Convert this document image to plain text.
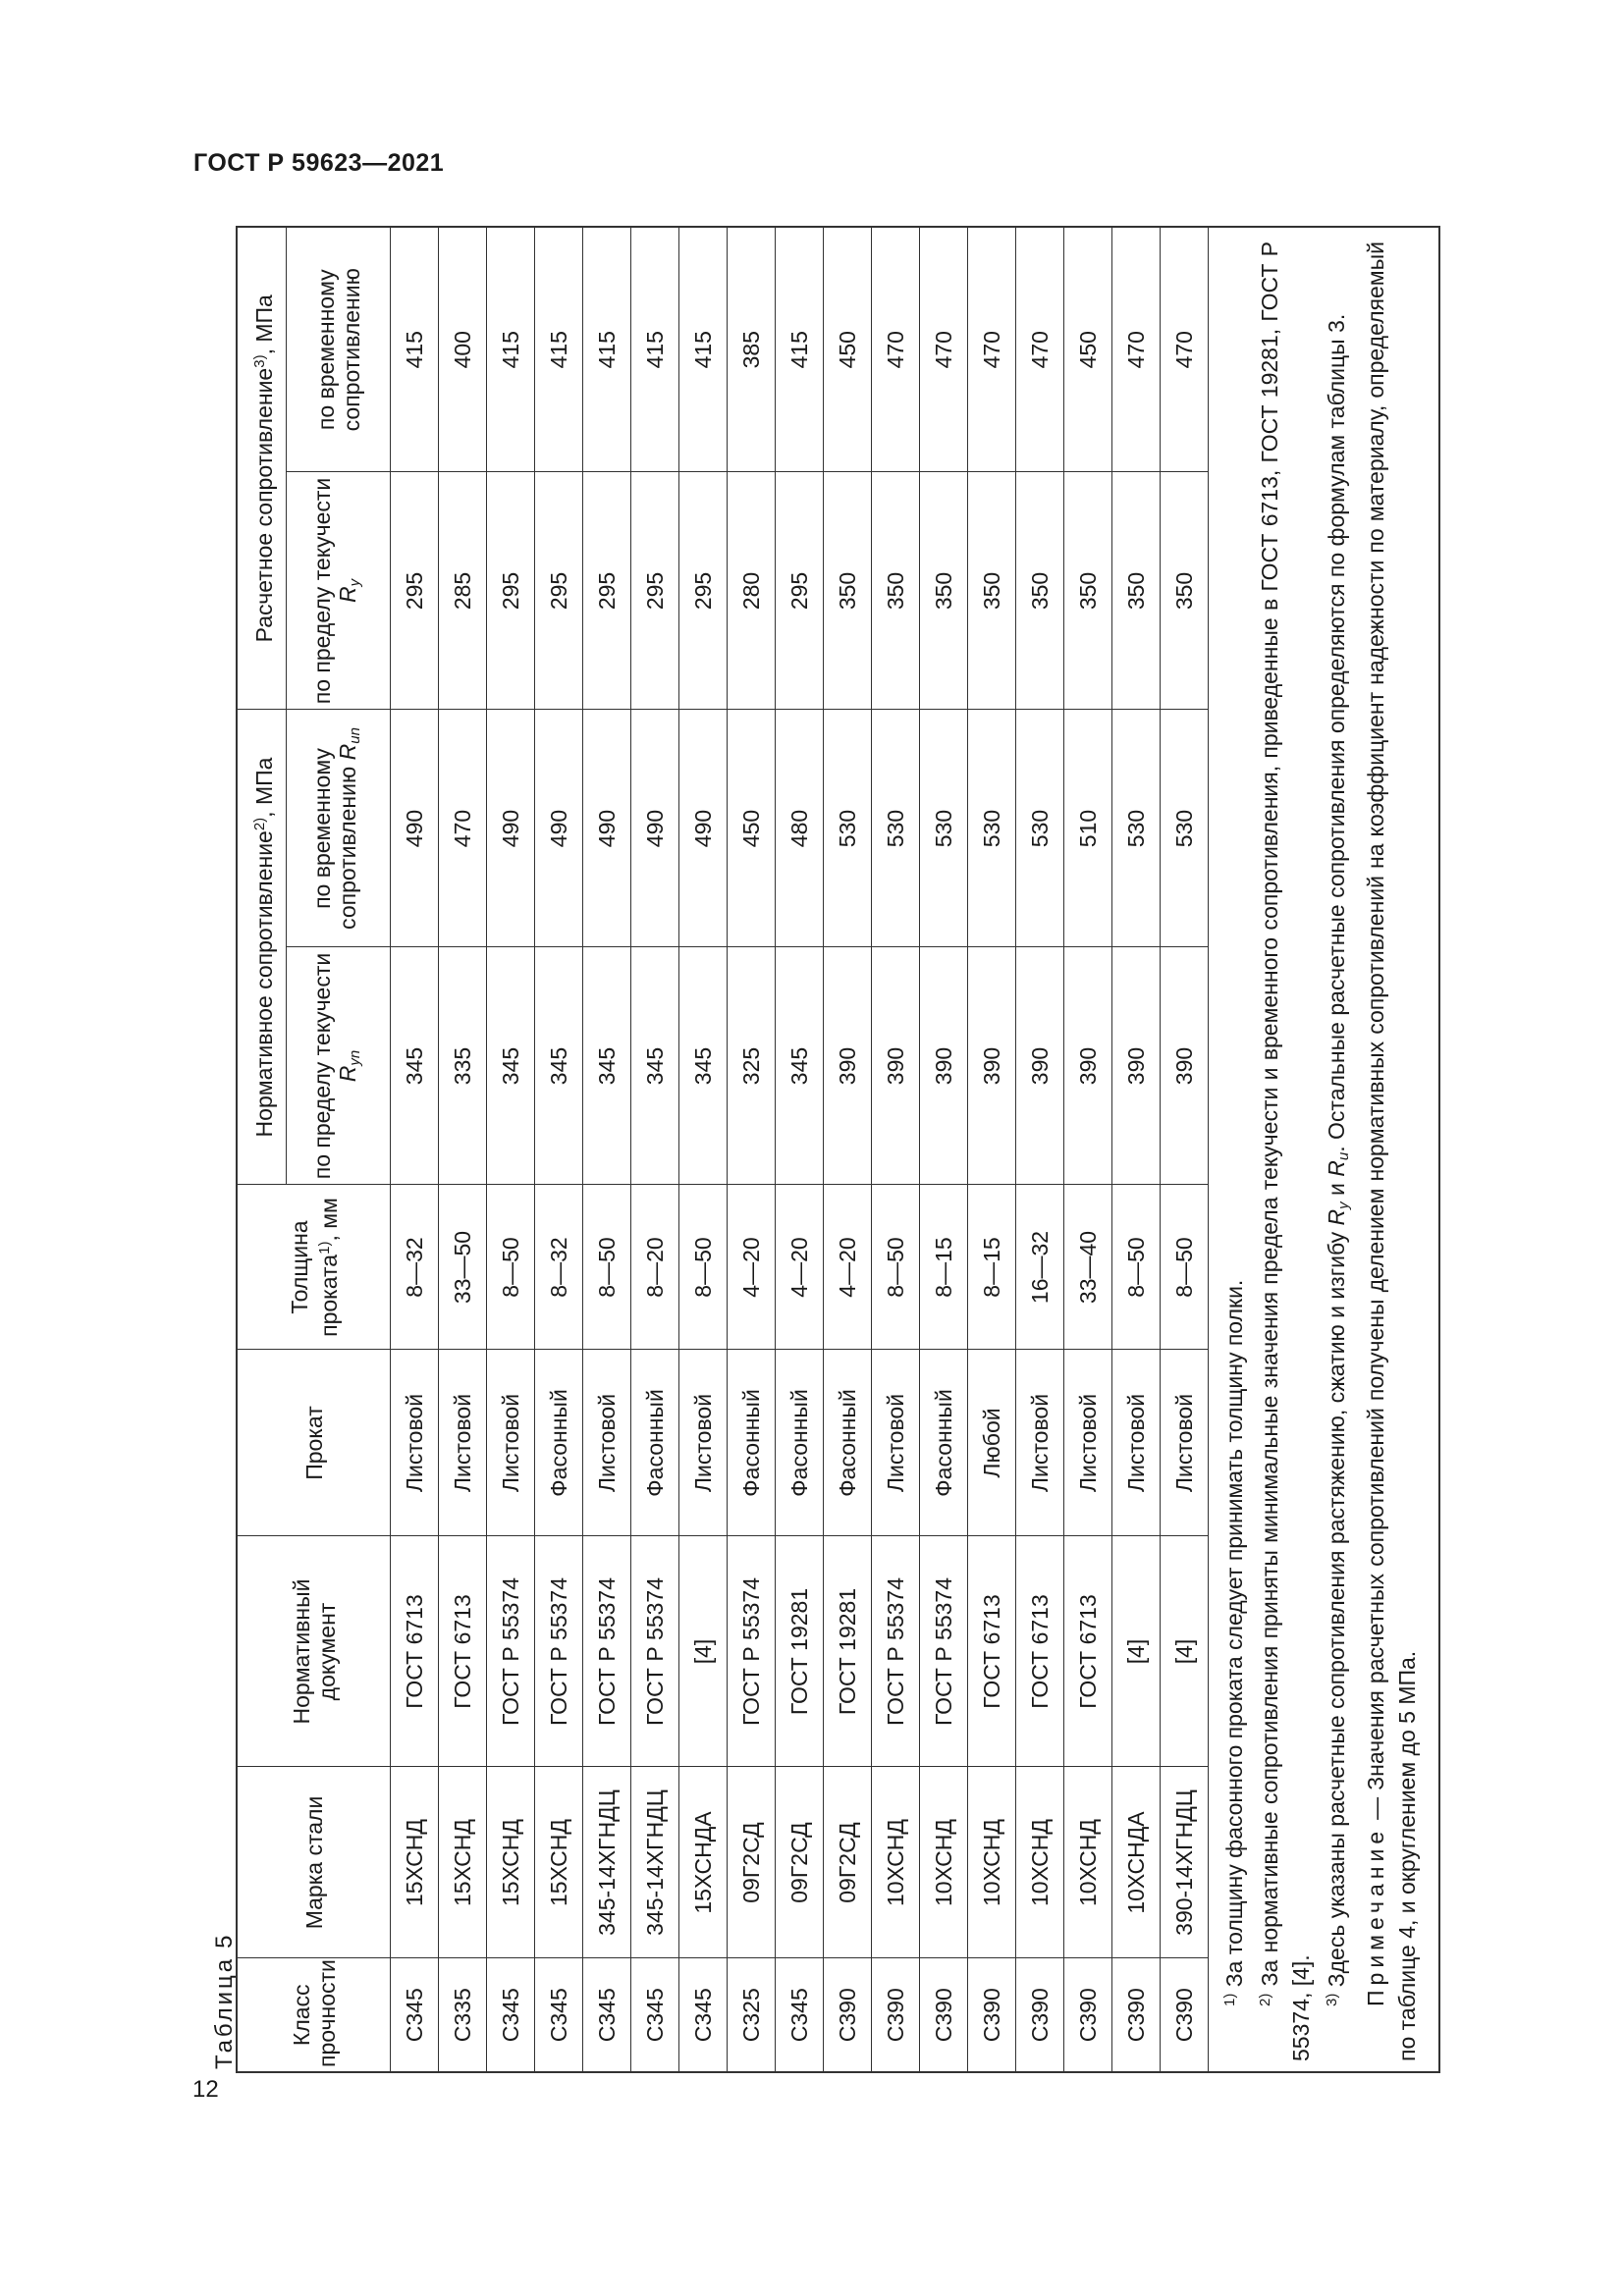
ГОСТ Р 59623—2021
12
Таблица5
Класс прочности	Марка стали	Нормативный документ	Прокат	Толщина проката$^{1)}$, мм	Нормативное сопротивление$^{2)}$, МПа		Расчетное сопротивление$^{3)}$, МПа	
					по пределу текучести $R_{yn}$	по временному сопротивлению $R_{un}$	по пределу текучести $R_y$	по временному сопротивлению
С345	15ХСНД	ГОСТ 6713	Листовой	8—32	345	490	295	415
С335	15ХСНД	ГОСТ 6713	Листовой	33—50	335	470	285	400
С345	15ХСНД	ГОСТ Р 55374	Листовой	8—50	345	490	295	415
С345	15ХСНД	ГОСТ Р 55374	Фасонный	8—32	345	490	295	415
С345	345-14ХГНДЦ	ГОСТ Р 55374	Листовой	8—50	345	490	295	415
С345	345-14ХГНДЦ	ГОСТ Р 55374	Фасонный	8—20	345	490	295	415
С345	15ХСНДА	[4]	Листовой	8—50	345	490	295	415
С325	09Г2СД	ГОСТ Р 55374	Фасонный	4—20	325	450	280	385
С345	09Г2СД	ГОСТ 19281	Фасонный	4—20	345	480	295	415
С390	09Г2СД	ГОСТ 19281	Фасонный	4—20	390	530	350	450
С390	10ХСНД	ГОСТ Р 55374	Листовой	8—50	390	530	350	470
С390	10ХСНД	ГОСТ Р 55374	Фасонный	8—15	390	530	350	470
С390	10ХСНД	ГОСТ 6713	Любой	8—15	390	530	350	470
С390	10ХСНД	ГОСТ 6713	Листовой	16—32	390	530	350	470
С390	10ХСНД	ГОСТ 6713	Листовой	33—40	390	510	350	450
С390	10ХСНДА	[4]	Листовой	8—50	390	530	350	470
С390	390-14ХГНДЦ	[4]	Листовой	8—50	390	530	350	470

$^{1)}$ За толщину фасонного проката следует принимать толщину полки.

$^{2)}$ За нормативные сопротивления приняты минимальные значения предела текучести и временного сопротивления, приведенные в ГОСТ 6713, ГОСТ 19281, ГОСТ Р 55374, [4]. $^{3)}$ Здесь указаны расчетные сопротивления растяжению, сжатию и изгибу $R_y$ и $R_u$. Остальные расчетные сопротивления определяются по формулам таблицы 3.

Примечание — Значения расчетных сопротивлений получены делением нормативных сопротивлений на коэффициент надежности по материалу, определяемый по таблице 4, и округлением до 5 МПа.
